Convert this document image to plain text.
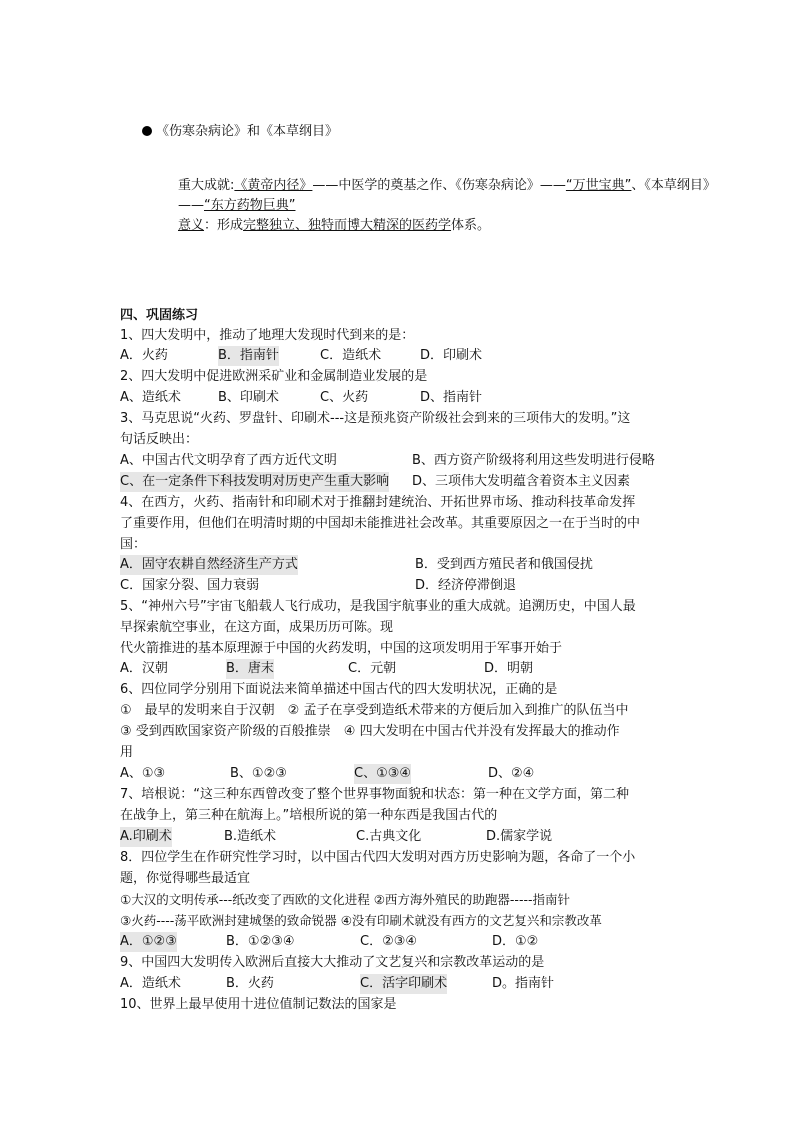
《伤寒杂病论》和《本草纲目》
重大成就:《黄帝内径》——中医学的奠基之作、《伤寒杂病论》——“万世宝典”、《本草纲目》
——“东方药物巨典”
意义：形成完整独立、独特而博大精深的医药学体系。
四、巩固练习
1、四大发明中，推动了地理大发现时代到来的是：
A．火药	B．指南针	C．造纸术	D．印刷术
2、四大发明中促进欧洲采矿业和金属制造业发展的是
A、造纸术	B、印刷术	C、火药	D、指南针
3、马克思说“火药、罗盘针、印刷术---这是预兆资产阶级社会到来的三项伟大的发明。”这
句话反映出：
A、中国古代文明孕育了西方近代文明	B、西方资产阶级将利用这些发明进行侵略
C、在一定条件下科技发明对历史产生重大影响 D、三项伟大发明蕴含着资本主义因素
4、在西方，火药、指南针和印刷术对于推翻封建统治、开拓世界市场、推动科技革命发挥
了重要作用，但他们在明清时期的中国却未能推进社会改革。其重要原因之一在于当时的中
国：
A．固守农耕自然经济生产方式	B．受到西方殖民者和俄国侵扰
C．国家分裂、国力衰弱	D．经济停滞倒退
5、“神州六号”宇宙飞船载人飞行成功，是我国宇航事业的重大成就。追溯历史，中国人最
早探索航空事业，在这方面，成果历历可陈。现
代火箭推进的基本原理源于中国的火药发明，中国的这项发明用于军事开始于
A．汉朝	B．唐末	C．元朝	D．明朝
6、四位同学分别用下面说法来简单描述中国古代的四大发明状况，正确的是
①　最早的发明来自于汉朝　② 孟子在享受到造纸术带来的方便后加入到推广的队伍当中
③ 受到西欧国家资产阶级的百般推崇　④ 四大发明在中国古代并没有发挥最大的推动作
用
A、①③	B、①②③	C、①③④	D、②④
7、培根说：“这三种东西曾改变了整个世界事物面貌和状态：第一种在文学方面，第二种
在战争上，第三种在航海上。”培根所说的第一种东西是我国古代的
A.印刷术	B.造纸术	C.古典文化	D.儒家学说
8．四位学生在作研究性学习时，以中国古代四大发明对西方历史影响为题，各命了一个小
题，你觉得哪些最适宜
①大汉的文明传承---纸改变了西欧的文化进程 ②西方海外殖民的助跑器-----指南针
③火药----荡平欧洲封建城堡的致命锐器 ④没有印刷术就没有西方的文艺复兴和宗教改革
A．①②③	B．①②③④	C．②③④	D．①②
9、中国四大发明传入欧洲后直接大大推动了文艺复兴和宗教改革运动的是
A．造纸术	B．火药	C．活字印刷术	D。指南针
10、世界上最早使用十进位值制记数法的国家是
